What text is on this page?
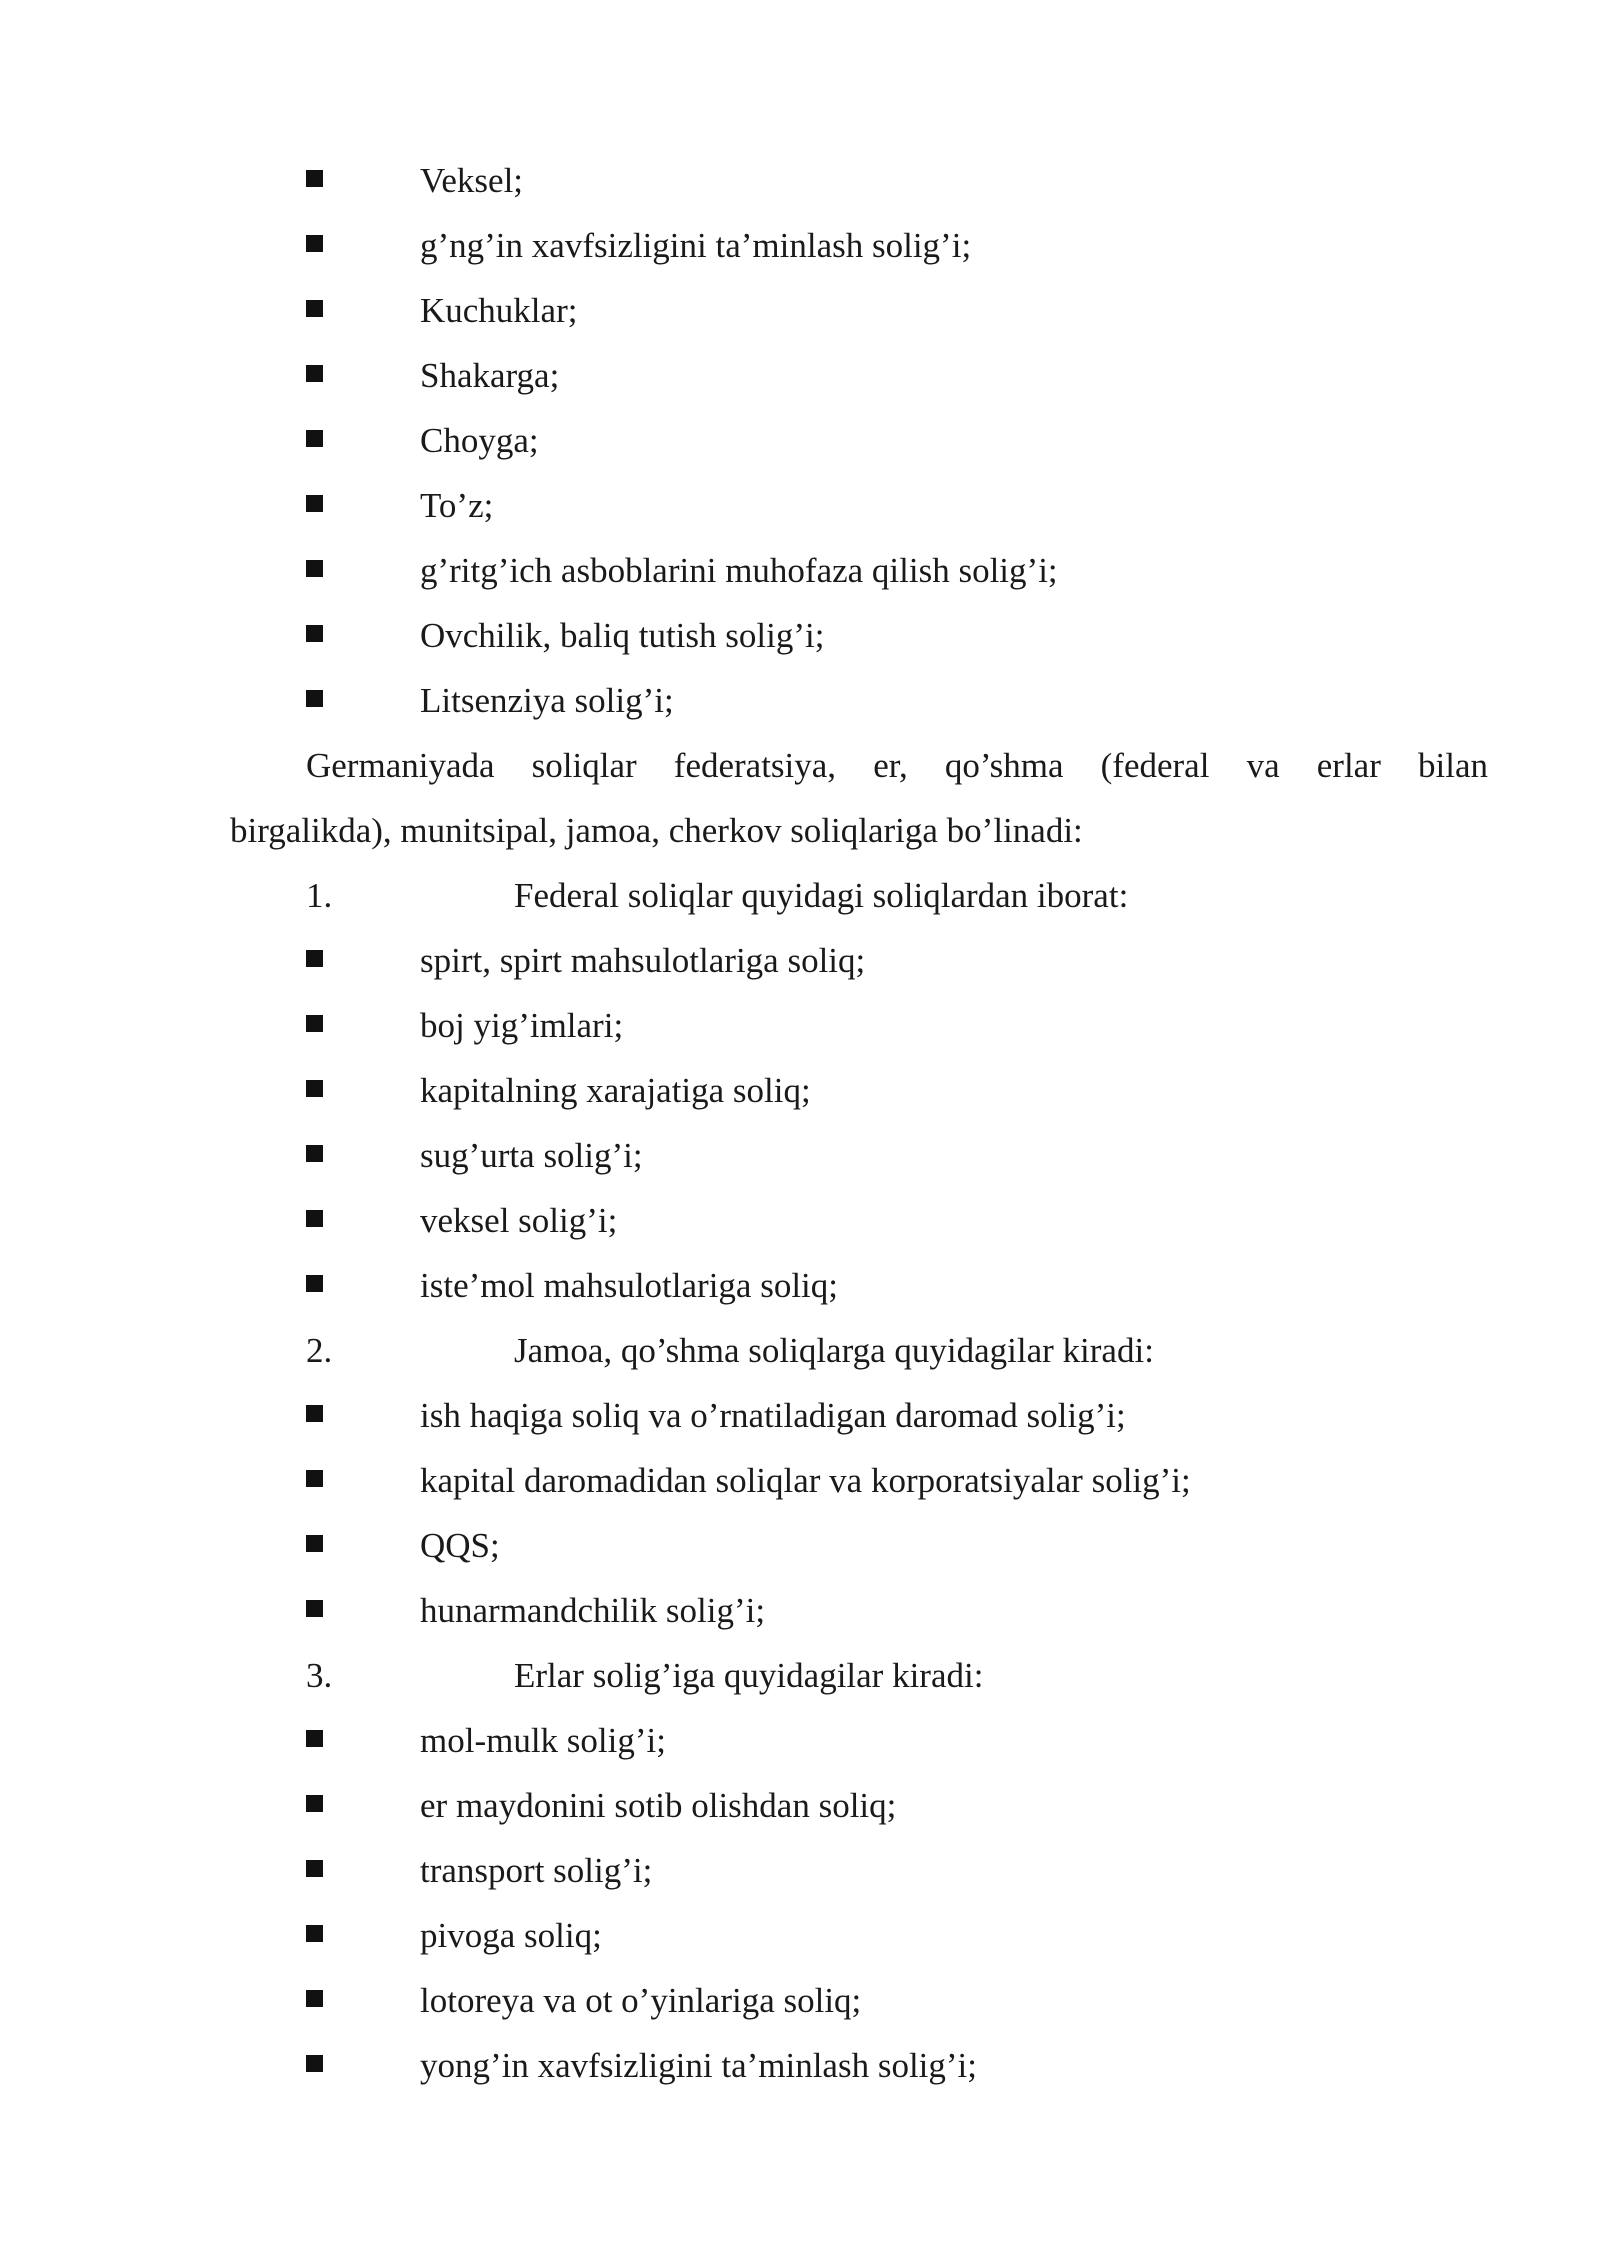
Veksel;
g’ng’in xavfsizligini ta’minlash solig’i;
Kuchuklar;
Shakarga;
Choyga;
To’z;
g’ritg’ich asboblarini muhofaza qilish solig’i;
Ovchilik, baliq tutish solig’i;
Litsenziya solig’i;
Germaniyada soliqlar federatsiya, er, qo’shma (federal va erlar bilan
birgalikda), munitsipal, jamoa, cherkov soliqlariga bo’linadi:
1.	Federal soliqlar quyidagi soliqlardan iborat:
spirt, spirt mahsulotlariga soliq;
boj yig’imlari;
kapitalning xarajatiga soliq;
sug’urta solig’i;
veksel solig’i;
iste’mol mahsulotlariga soliq;
2.	Jamoa, qo’shma soliqlarga quyidagilar kiradi:
ish haqiga soliq va o’rnatiladigan daromad solig’i;
kapital daromadidan soliqlar va korporatsiyalar solig’i;
QQS;
hunarmandchilik solig’i;
3.	Erlar solig’iga quyidagilar kiradi:
mol-mulk solig’i;
er maydonini sotib olishdan soliq;
transport solig’i;
pivoga soliq;
lotoreya va ot o’yinlariga soliq;
yong’in xavfsizligini ta’minlash solig’i;
